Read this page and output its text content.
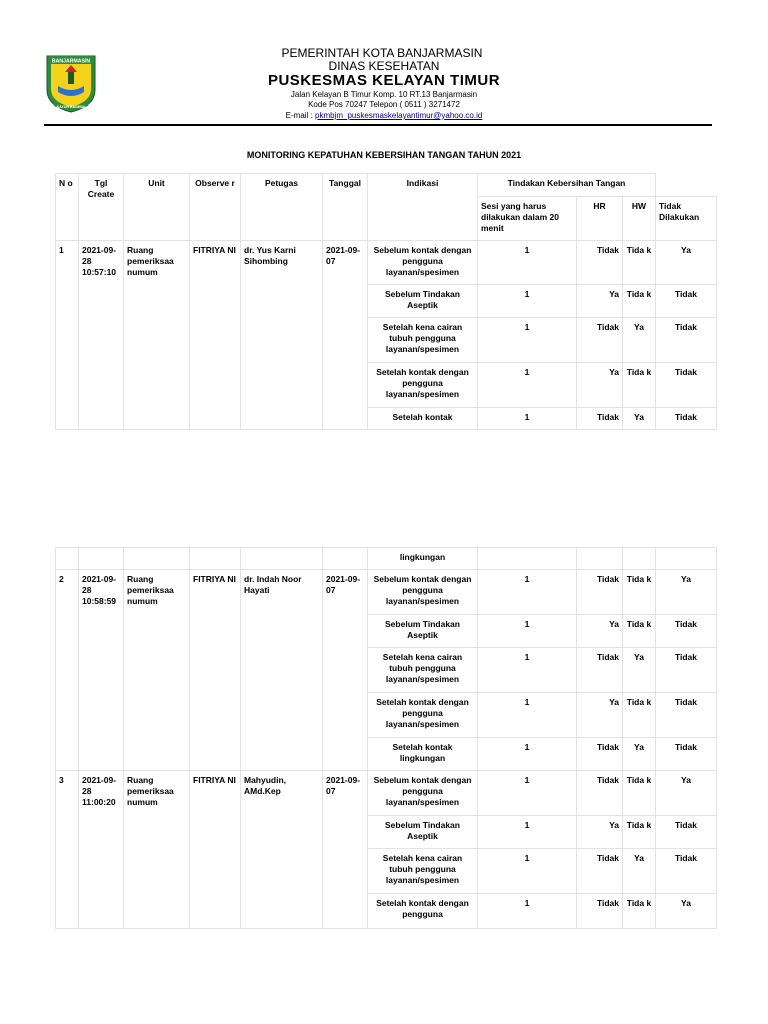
BANJARMASIN
KAYUH BAIMBAI
PEMERINTAH KOTA BANJARMASIN
DINAS KESEHATAN
PUSKESMAS KELAYAN TIMUR
Jalan Kelayan B Timur Komp. 10 RT.13 Banjarmasin
Kode Pos 70247 Telepon ( 0511 ) 3271472
E-mail : pkmbjm_puskesmaskelayantimur@yahoo.co.id
MONITORING KEPATUHAN KEBERSIHAN TANGAN TAHUN 2021
N o	Tgl Create	Unit	Observe r	Petugas	Tanggal	Indikasi	Tindakan Kebersihan Tangan			
							Sesi yang harus dilakukan dalam 20 menit	HR	HW	Tidak Dilakukan
1	2021-09-28 10:57:10	Ruang pemeriksaa numum	FITRIYA NI	dr. Yus Karni Sihombing	2021-09-07	Sebelum kontak dengan pengguna layanan/spesimen	1	Tidak	Tida k	Ya
						Sebelum Tindakan Aseptik	1	Ya	Tida k	Tidak
						Setelah kena cairan tubuh pengguna layanan/spesimen	1	Tidak	Ya	Tidak
						Setelah kontak dengan pengguna layanan/spesimen	1	Ya	Tida k	Tidak
						Setelah kontak	1	Tidak	Ya	Tidak
						lingkungan				
2	2021-09-28 10:58:59	Ruang pemeriksaa numum	FITRIYA NI	dr. Indah Noor Hayati	2021-09-07	Sebelum kontak dengan pengguna layanan/spesimen	1	Tidak	Tida k	Ya
						Sebelum Tindakan Aseptik	1	Ya	Tida k	Tidak
						Setelah kena cairan tubuh pengguna layanan/spesimen	1	Tidak	Ya	Tidak
						Setelah kontak dengan pengguna layanan/spesimen	1	Ya	Tida k	Tidak
						Setelah kontak lingkungan	1	Tidak	Ya	Tidak
3	2021-09-28 11:00:20	Ruang pemeriksaa numum	FITRIYA NI	Mahyudin, AMd.Kep	2021-09-07	Sebelum kontak dengan pengguna layanan/spesimen	1	Tidak	Tida k	Ya
						Sebelum Tindakan Aseptik	1	Ya	Tida k	Tidak
						Setelah kena cairan tubuh pengguna layanan/spesimen	1	Tidak	Ya	Tidak
						Setelah kontak dengan pengguna	1	Tidak	Tida k	Ya
